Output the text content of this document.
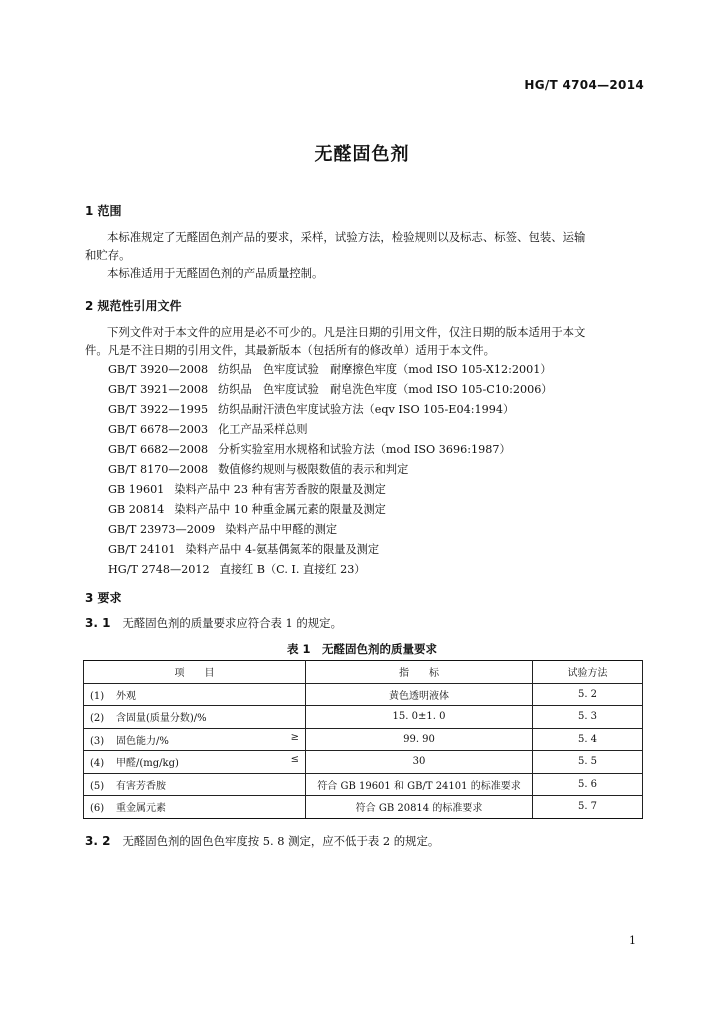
HG/T 4704—2014
无醛固色剂
1 范围
本标准规定了无醛固色剂产品的要求，采样，试验方法，检验规则以及标志、标签、包装、运输
和贮存。
本标准适用于无醛固色剂的产品质量控制。
2 规范性引用文件
下列文件对于本文件的应用是必不可少的。凡是注日期的引用文件，仅注日期的版本适用于本文
件。凡是不注日期的引用文件，其最新版本（包括所有的修改单）适用于本文件。
GB/T 3920—2008 纺织品　色牢度试验　耐摩擦色牢度（mod ISO 105-X12:2001）
GB/T 3921—2008 纺织品　色牢度试验　耐皂洗色牢度（mod ISO 105-C10:2006）
GB/T 3922—1995 纺织品耐汗渍色牢度试验方法（eqv ISO 105-E04:1994）
GB/T 6678—2003 化工产品采样总则
GB/T 6682—2008 分析实验室用水规格和试验方法（mod ISO 3696:1987）
GB/T 8170—2008 数值修约规则与极限数值的表示和判定
GB 19601 染料产品中 23 种有害芳香胺的限量及测定
GB 20814 染料产品中 10 种重金属元素的限量及测定
GB/T 23973—2009 染料产品中甲醛的测定
GB/T 24101 染料产品中 4-氨基偶氮苯的限量及测定
HG/T 2748—2012 直接红 B（C. I. 直接红 23）
3 要求
3. 1 无醛固色剂的质量要求应符合表 1 的规定。
表 1　无醛固色剂的质量要求
项　　目	指　　标	试验方法

(1) 外观	黄色透明液体	5. 2

(2) 含固量(质量分数)/%	15. 0±1. 0	5. 3

(3) 固色能力/% ≥	99. 90	5. 4

(4) 甲醛/(mg/kg) ≤	30	5. 5

(5) 有害芳香胺	符合 GB 19601 和 GB/T 24101 的标准要求	5. 6

(6) 重金属元素	符合 GB 20814 的标准要求	5. 7
3. 2 无醛固色剂的固色色牢度按 5. 8 测定，应不低于表 2 的规定。
1
